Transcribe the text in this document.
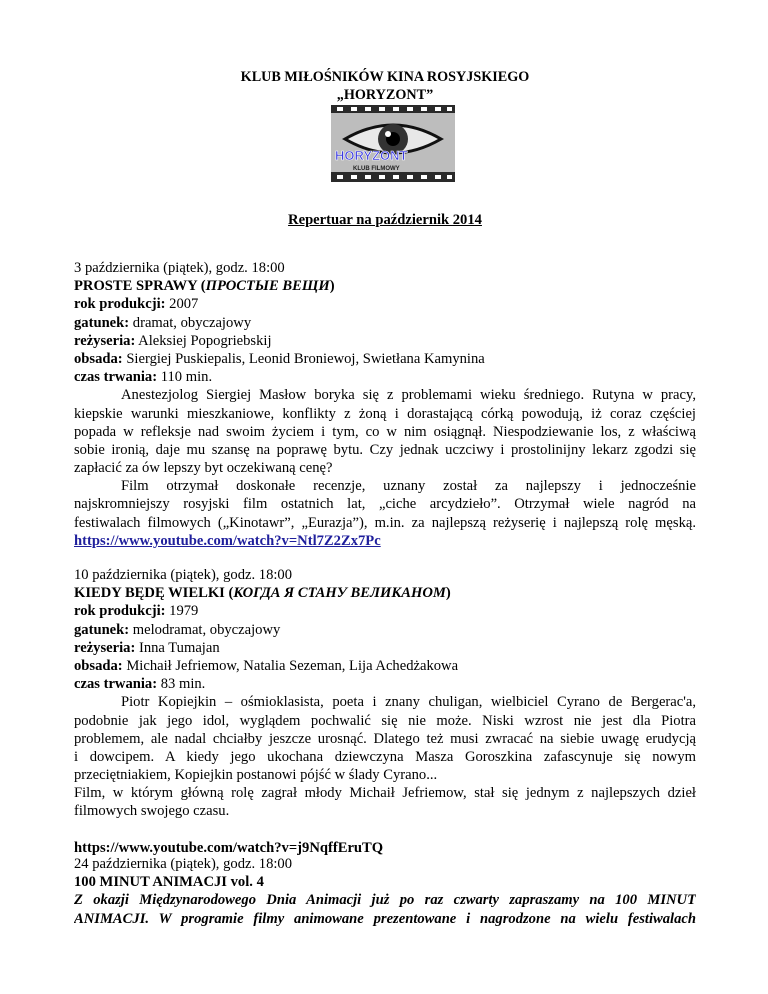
KLUB MIŁOŚNIKÓW KINA ROSYJSKIEGO
„HORYZONT”
HORYZONT
KLUB FILMOWY
Repertuar na październik 2014
3 października (piątek), godz. 18:00
PROSTE SPRAWY (ПРОСТЫЕ ВЕЩИ)
rok produkcji: 2007
gatunek: dramat, obyczajowy
reżyseria: Aleksiej Popogriebskij
obsada: Siergiej Puskiepalis, Leonid Broniewoj, Swietłana Kamynina
czas trwania: 110 min.
Anestezjolog Siergiej Masłow boryka się z problemami wieku średniego. Rutyna w pracy,
kiepskie warunki mieszkaniowe, konflikty z żoną i dorastającą córką powodują, iż coraz częściej
popada w refleksje nad swoim życiem i tym, co w nim osiągnął. Niespodziewanie los, z właściwą
sobie ironią, daje mu szansę na poprawę bytu. Czy jednak uczciwy i prostolinijny lekarz zgodzi się
zapłacić za ów lepszy byt oczekiwaną cenę?
Film otrzymał doskonałe recenzje, uznany został za najlepszy i jednocześnie
najskromniejszy rosyjski film ostatnich lat, „ciche arcydzieło”. Otrzymał wiele nagród na
festiwalach filmowych („Kinotawr”, „Eurazja”), m.in. za najlepszą reżyserię i najlepszą rolę męską.
https://www.youtube.com/watch?v=Ntl7Z2Zx7Pc
10 października (piątek), godz. 18:00
KIEDY BĘDĘ WIELKI (КОГДА Я СТАНУ ВЕЛИКАНОМ)
rok produkcji: 1979
gatunek: melodramat, obyczajowy
reżyseria: Inna Tumajan
obsada: Michaił Jefriemow, Natalia Sezeman, Lija Achedżakowa
czas trwania: 83 min.
Piotr Kopiejkin – ośmioklasista, poeta i znany chuligan, wielbiciel Cyrano de Bergerac'a,
podobnie jak jego idol, wyglądem pochwalić się nie może. Niski wzrost nie jest dla Piotra
problemem, ale nadal chciałby jeszcze urosnąć. Dlatego też musi zwracać na siebie uwagę erudycją
i dowcipem. A kiedy jego ukochana dziewczyna Masza Goroszkina zafascynuje się nowym
przeciętniakiem, Kopiejkin postanowi pójść w ślady Cyrano...
Film, w którym główną rolę zagrał młody Michaił Jefriemow, stał się jednym z najlepszych dzieł
filmowych swojego czasu.
https://www.youtube.com/watch?v=j9NqffEruTQ
24 października (piątek), godz. 18:00
100 MINUT ANIMACJI vol. 4
Z okazji Międzynarodowego Dnia Animacji już po raz czwarty zapraszamy na 100 MINUT
ANIMACJI. W programie filmy animowane prezentowane i nagrodzone na wielu festiwalach
